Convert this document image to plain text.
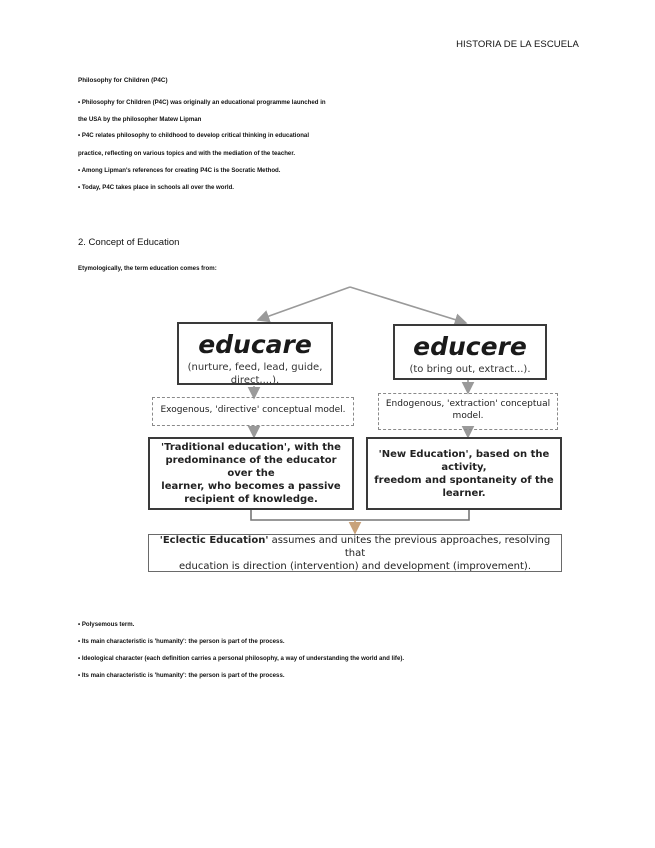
HISTORIA DE LA ESCUELA
Philosophy for Children (P4C)
• Philosophy for Children (P4C) was originally an educational programme launched in
the USA by the philosopher Matew Lipman
• P4C relates philosophy to childhood to develop critical thinking in educational
practice, reflecting on various topics and with the mediation of the teacher.
• Among Lipman's references for creating P4C is the Socratic Method.
• Today, P4C takes place in schools all over the world.
2. Concept of Education
Etymologically, the term education comes from:
educare
(nurture, feed, lead, guide,
direct,...).
educere
(to bring out, extract...).
Exogenous, 'directive' conceptual model.
Endogenous, 'extraction' conceptual
model.
'Traditional education', with the
predominance of the educator over the
learner, who becomes a passive
recipient of knowledge.
'New Education', based on the activity,
freedom and spontaneity of the
learner.
'Eclectic Education' assumes and unites the previous approaches, resolving that
education is direction (intervention) and development (improvement).
• Polysemous term.
• Its main characteristic is 'humanity': the person is part of the process.
• Ideological character (each definition carries a personal philosophy, a way of understanding the world and life).
• Its main characteristic is 'humanity': the person is part of the process.
